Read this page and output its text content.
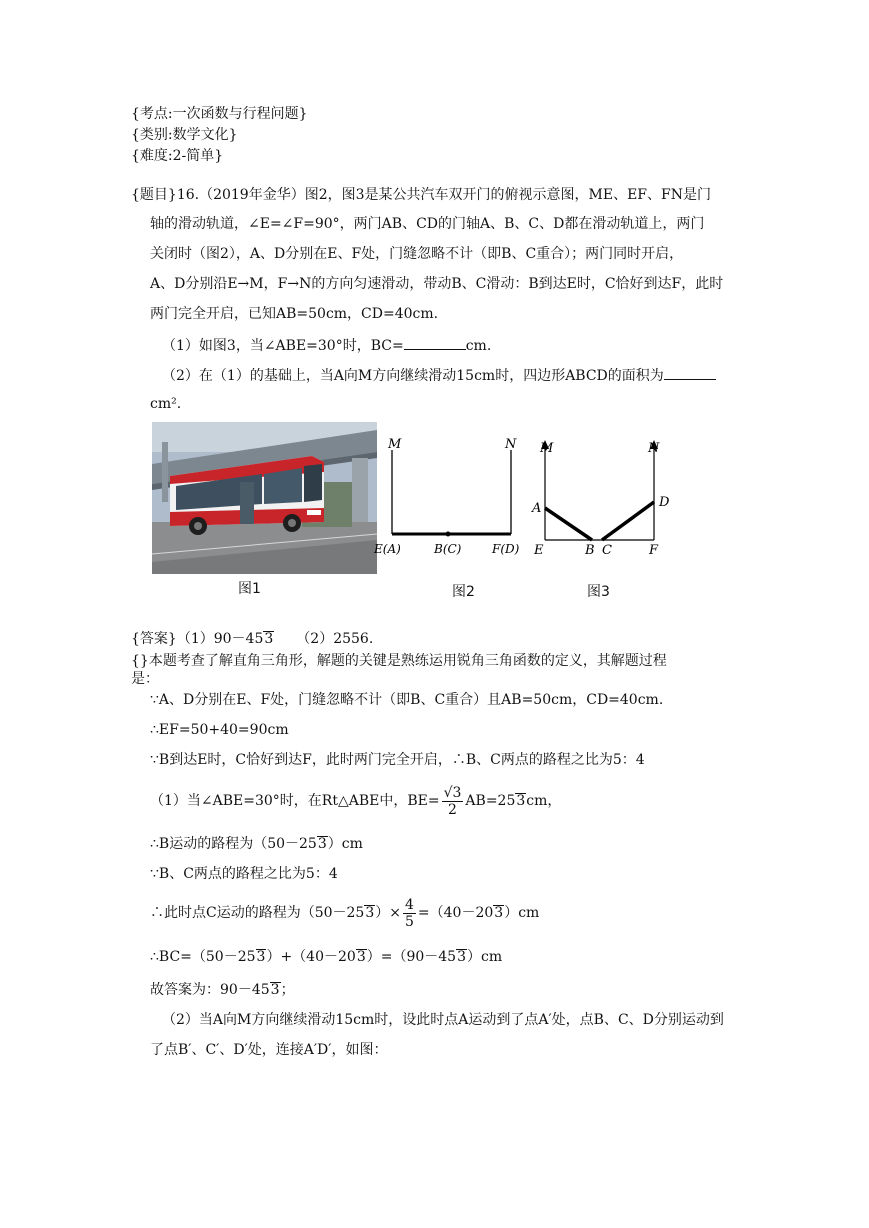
{考点:一次函数与行程问题}
{类别:数学文化}
{难度:2-简单}
{题目}16.（2019年金华）图2，图3是某公共汽车双开门的俯视示意图，ME、EF、FN是门
轴的滑动轨道，∠E=∠F=90°，两门AB、CD的门轴A、B、C、D都在滑动轨道上，两门
关闭时（图2），A、D分别在E、F处，门缝忽略不计（即B、C重合）；两门同时开启，
A、D分别沿E→M，F→N的方向匀速滑动，带动B、C滑动：B到达E时，C恰好到达F，此时
两门完全开启，已知AB=50cm，CD=40cm.
（1）如图3，当∠ABE=30°时，BC=	cm.
（2）在（1）的基础上，当A向M方向继续滑动15cm时，四边形ABCD的面积为
cm².
图1
M	N
E(A)	B(C)	F(D)
图2
M	N
A	D
E	B C	F
图3
{答案}（1）90－453 （2）2556.
{}本题考查了解直角三角形，解题的关键是熟练运用锐角三角函数的定义，其解题过程
是：
∵A、D分别在E、F处，门缝忽略不计（即B、C重合）且AB=50cm，CD=40cm.
∴EF=50+40=90cm
∵B到达E时，C恰好到达F，此时两门完全开启，∴B、C两点的路程之比为5：4
（1）当∠ABE=30°时，在Rt△ABE中，$BE= \frac{√3}{2} AB=253cm$，
∴B运动的路程为（50－253）cm
∵B、C两点的路程之比为5：4
∴此时点C运动的路程为$(50-253)\times \frac{4}{5} =(40-203)cm$
∴BC=（50－253）+（40－203）=（90－453）cm
故答案为：90－453；
（2）当A向M方向继续滑动15cm时，设此时点A运动到了点A′处，点B、C、D分别运动到
了点B′、C′、D′处，连接A′D′，如图：
